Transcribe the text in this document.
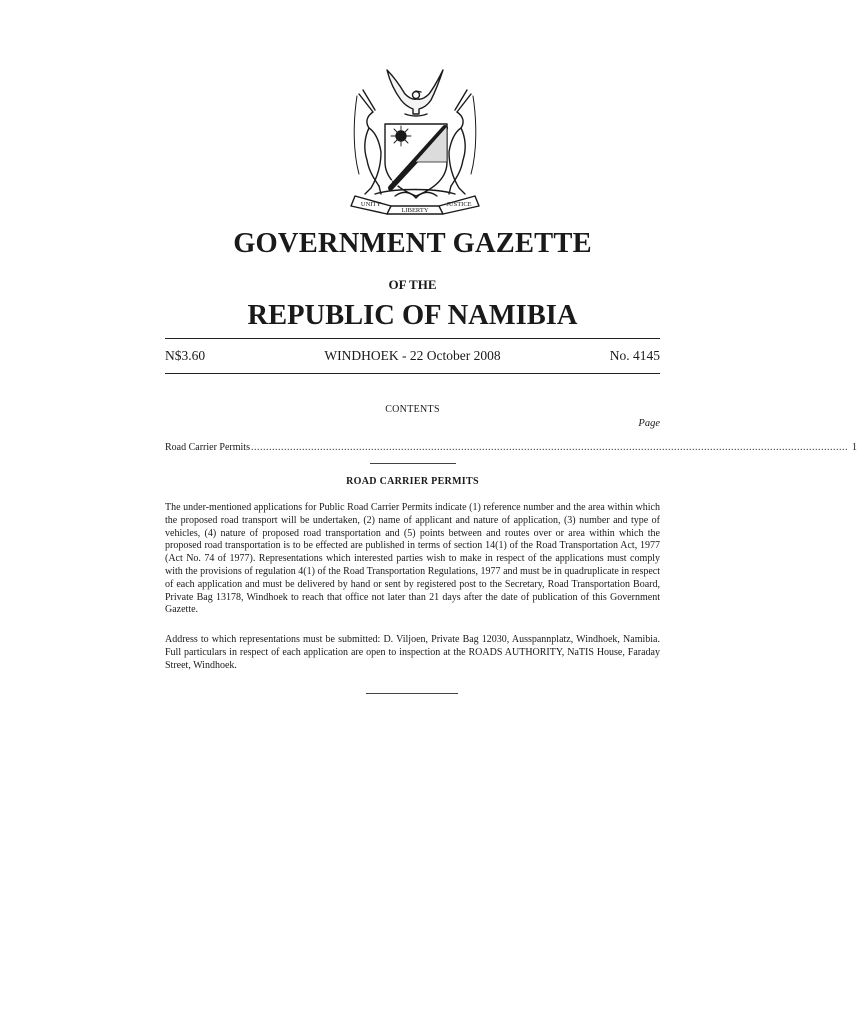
UNITY
LIBERTY
JUSTICE
GOVERNMENT GAZETTE
OF THE
REPUBLIC OF NAMIBIA
N$3.60	WINDHOEK - 22 October 2008	No. 4145
CONTENTS
Page
Road Carrier Permits ....................................................................................................................................................................................................... 1
ROAD CARRIER PERMITS

The under-mentioned applications for Public Road Carrier Permits indicate (1) reference number and the area within which the proposed road transport will be undertaken, (2) name of applicant and nature of application, (3) number and type of vehicles, (4) nature of proposed road transportation and (5) points between and routes over or area within which the proposed road transportation is to be effected are published in terms of section 14(1) of the Road Transportation Act, 1977 (Act No. 74 of 1977). Representations which interested parties wish to make in respect of the applications must comply with the provisions of regulation 4(1) of the Road Transportation Regulations, 1977 and must be in quadruplicate in respect of each application and must be delivered by hand or sent by registered post to the Secretary, Road Transportation Board, Private Bag 13178, Windhoek to reach that office not later than 21 days after the date of publication of this Government Gazette.

Address to which representations must be submitted: D. Viljoen, Private Bag 12030, Ausspannplatz, Windhoek, Namibia. Full particulars in respect of each application are open to inspection at the ROADS AUTHORITY, NaTIS House, Faraday Street, Windhoek.
